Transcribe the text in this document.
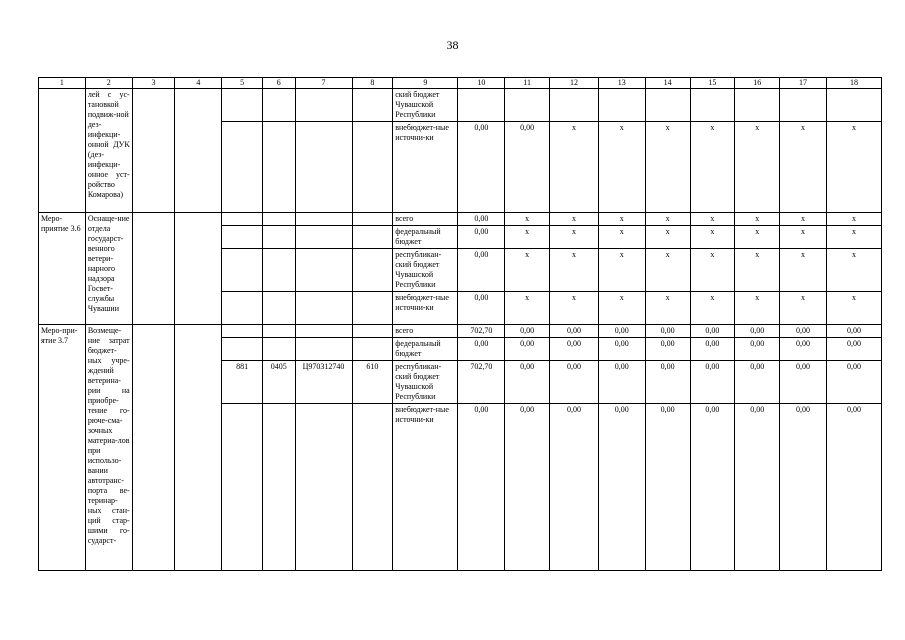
38
1	2	3	4	5	6	7	8	9	10	11	12	13	14	15	16	17	18
	лей с ус-тановкой подвиж-ной дез-инфекци-онной ДУК (дез-инфекци-онное уст-ройство Комарова)							ский бюджет Чувашской Республики									
								внебюджет-ные источни-ки	0,00	0,00	x	x	x	x	x	x	x
Меро-приятие 3.6	Оснаще-ние отдела государст-венного ветери-нарного надзора Госвет-службы Чувашии							всего	0,00	x	x	x	x	x	x	x	x
								федеральный бюджет	0,00	x	x	x	x	x	x	x	x
								республикан-ский бюджет Чувашской Республики	0,00	x	x	x	x	x	x	x	x
								внебюджет-ные источни-ки	0,00	x	x	x	x	x	x	x	x
Меро-при-ятие 3.7	Возмеще-ние затрат бюджет-ных учре-ждений ветерина-рии на приобре-тение го-рюче-сма-зочных материа-лов при использо-вании автотранс-порта ве-теринар-ных стан-ций стар-шими го-сударст-							всего	702,70	0,00	0,00	0,00	0,00	0,00	0,00	0,00	0,00
								федеральный бюджет	0,00	0,00	0,00	0,00	0,00	0,00	0,00	0,00	0,00
				881	0405	Ц970312740	610	республикан-ский бюджет Чувашской Республики	702,70	0,00	0,00	0,00	0,00	0,00	0,00	0,00	0,00
								внебюджет-ные источни-ки	0,00	0,00	0,00	0,00	0,00	0,00	0,00	0,00	0,00
